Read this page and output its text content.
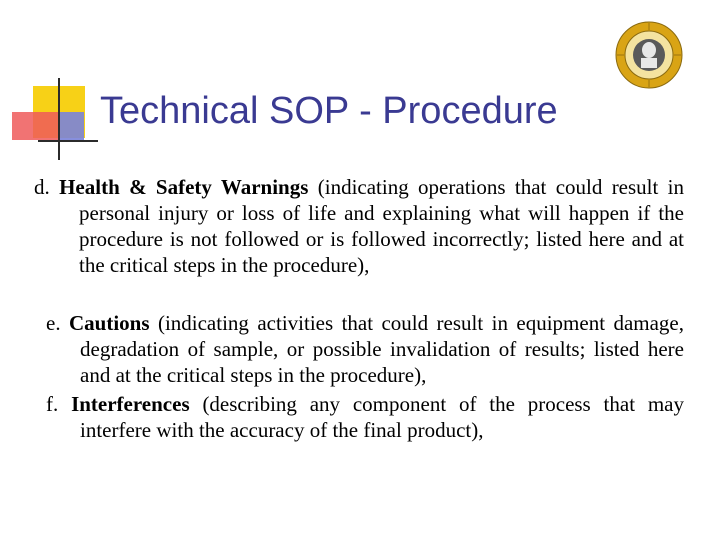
Technical SOP - Procedure

d. Health & Safety Warnings (indicating operations that could result in personal injury or loss of life and explaining what will happen if the procedure is not followed or is followed incorrectly; listed here and at the critical steps in the procedure),

e. Cautions (indicating activities that could result in equipment damage, degradation of sample, or possible invalidation of results; listed here and at the critical steps in the procedure),

f. Interferences (describing any component of the process that may interfere with the accuracy of the final product),
